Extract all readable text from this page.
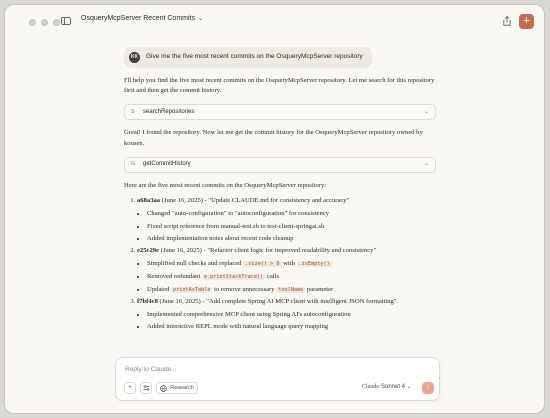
OsqueryMcpServer Recent Commits ⌄	+
KK Give me the five most recent commits on the OsqueryMcpServer repository

I'll help you find the five most recent commits on the OsqueryMcpServer repository. Let me search for this repository first and then get the commit history.

S	searchRepositories	⌄

Great! I found the repository. Now let me get the commit history for the OsqueryMcpServer repository owned by kousen.

G	getCommitHistory	⌄

Here are the five most recent commits on the OsqueryMcpServer repository:

1. a68a3aa (June 16, 2025) - "Update CLAUDE.md for consistency and accuracy"
• Changed "auto-configuration" to "autoconfiguration" for consistency
• Fixed script reference from manual-test.sh to test-client-springai.sh
• Added implementation notes about recent code cleanup
2. e25c29e (June 16, 2025) - "Refactor client logic for improved readability and consistency"
• Simplified null checks and replaced .size() > 0 with .isEmpty()
• Removed redundant e.printStackTrace() calls
• Updated printAsTable to remove unnecessary toolName parameter
3. f7bf4c8 (June 16, 2025) - "Add complete Spring AI MCP client with intelligent JSON formatting"
• Implemented comprehensive MCP client using Spring AI's autoconfiguration
• Added interactive REPL mode with natural language query mapping
Reply to Claude...
+	Research	Claude Sonnet 4 ⌄	↑
